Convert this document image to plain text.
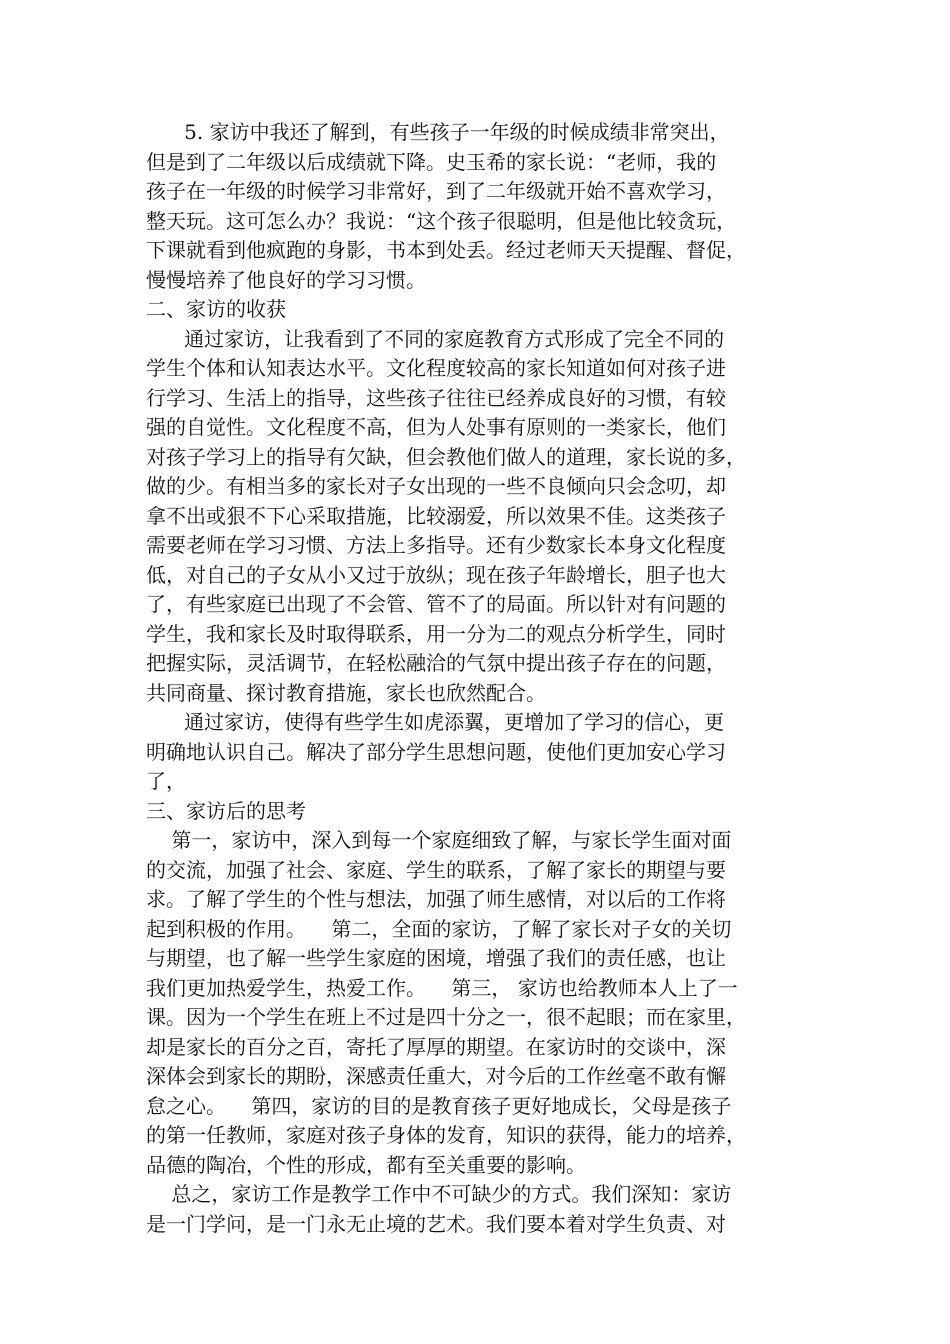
5. 家访中我还了解到，有些孩子一年级的时候成绩非常突出，
但是到了二年级以后成绩就下降。史玉希的家长说：“老师，我的
孩子在一年级的时候学习非常好，到了二年级就开始不喜欢学习，
整天玩。这可怎么办？我说：“这个孩子很聪明，但是他比较贪玩，
下课就看到他疯跑的身影，书本到处丢。经过老师天天提醒、督促，
慢慢培养了他良好的学习习惯。
二、家访的收获
通过家访，让我看到了不同的家庭教育方式形成了完全不同的
学生个体和认知表达水平。文化程度较高的家长知道如何对孩子进
行学习、生活上的指导，这些孩子往往已经养成良好的习惯，有较
强的自觉性。文化程度不高，但为人处事有原则的一类家长，他们
对孩子学习上的指导有欠缺，但会教他们做人的道理，家长说的多，
做的少。有相当多的家长对子女出现的一些不良倾向只会念叨，却
拿不出或狠不下心采取措施，比较溺爱，所以效果不佳。这类孩子
需要老师在学习习惯、方法上多指导。还有少数家长本身文化程度
低，对自己的子女从小又过于放纵；现在孩子年龄增长，胆子也大
了，有些家庭已出现了不会管、管不了的局面。所以针对有问题的
学生，我和家长及时取得联系，用一分为二的观点分析学生，同时
把握实际，灵活调节，在轻松融洽的气氛中提出孩子存在的问题，
共同商量、探讨教育措施，家长也欣然配合。
通过家访，使得有些学生如虎添翼，更增加了学习的信心，更
明确地认识自己。解决了部分学生思想问题，使他们更加安心学习
了，
三、家访后的思考
第一，家访中，深入到每一个家庭细致了解，与家长学生面对面
的交流，加强了社会、家庭、学生的联系，了解了家长的期望与要
求。了解了学生的个性与想法，加强了师生感情，对以后的工作将
起到积极的作用。    第二，全面的家访，了解了家长对子女的关切
与期望，也了解一些学生家庭的困境，增强了我们的责任感，也让
我们更加热爱学生，热爱工作。    第三， 家访也给教师本人上了一
课。因为一个学生在班上不过是四十分之一，很不起眼；而在家里，
却是家长的百分之百，寄托了厚厚的期望。在家访时的交谈中，深
深体会到家长的期盼，深感责任重大，对今后的工作丝毫不敢有懈
怠之心。    第四，家访的目的是教育孩子更好地成长，父母是孩子
的第一任教师，家庭对孩子身体的发育，知识的获得，能力的培养，
品德的陶冶，个性的形成，都有至关重要的影响。
总之，家访工作是教学工作中不可缺少的方式。我们深知：家访
是一门学问，是一门永无止境的艺术。我们要本着对学生负责、对
